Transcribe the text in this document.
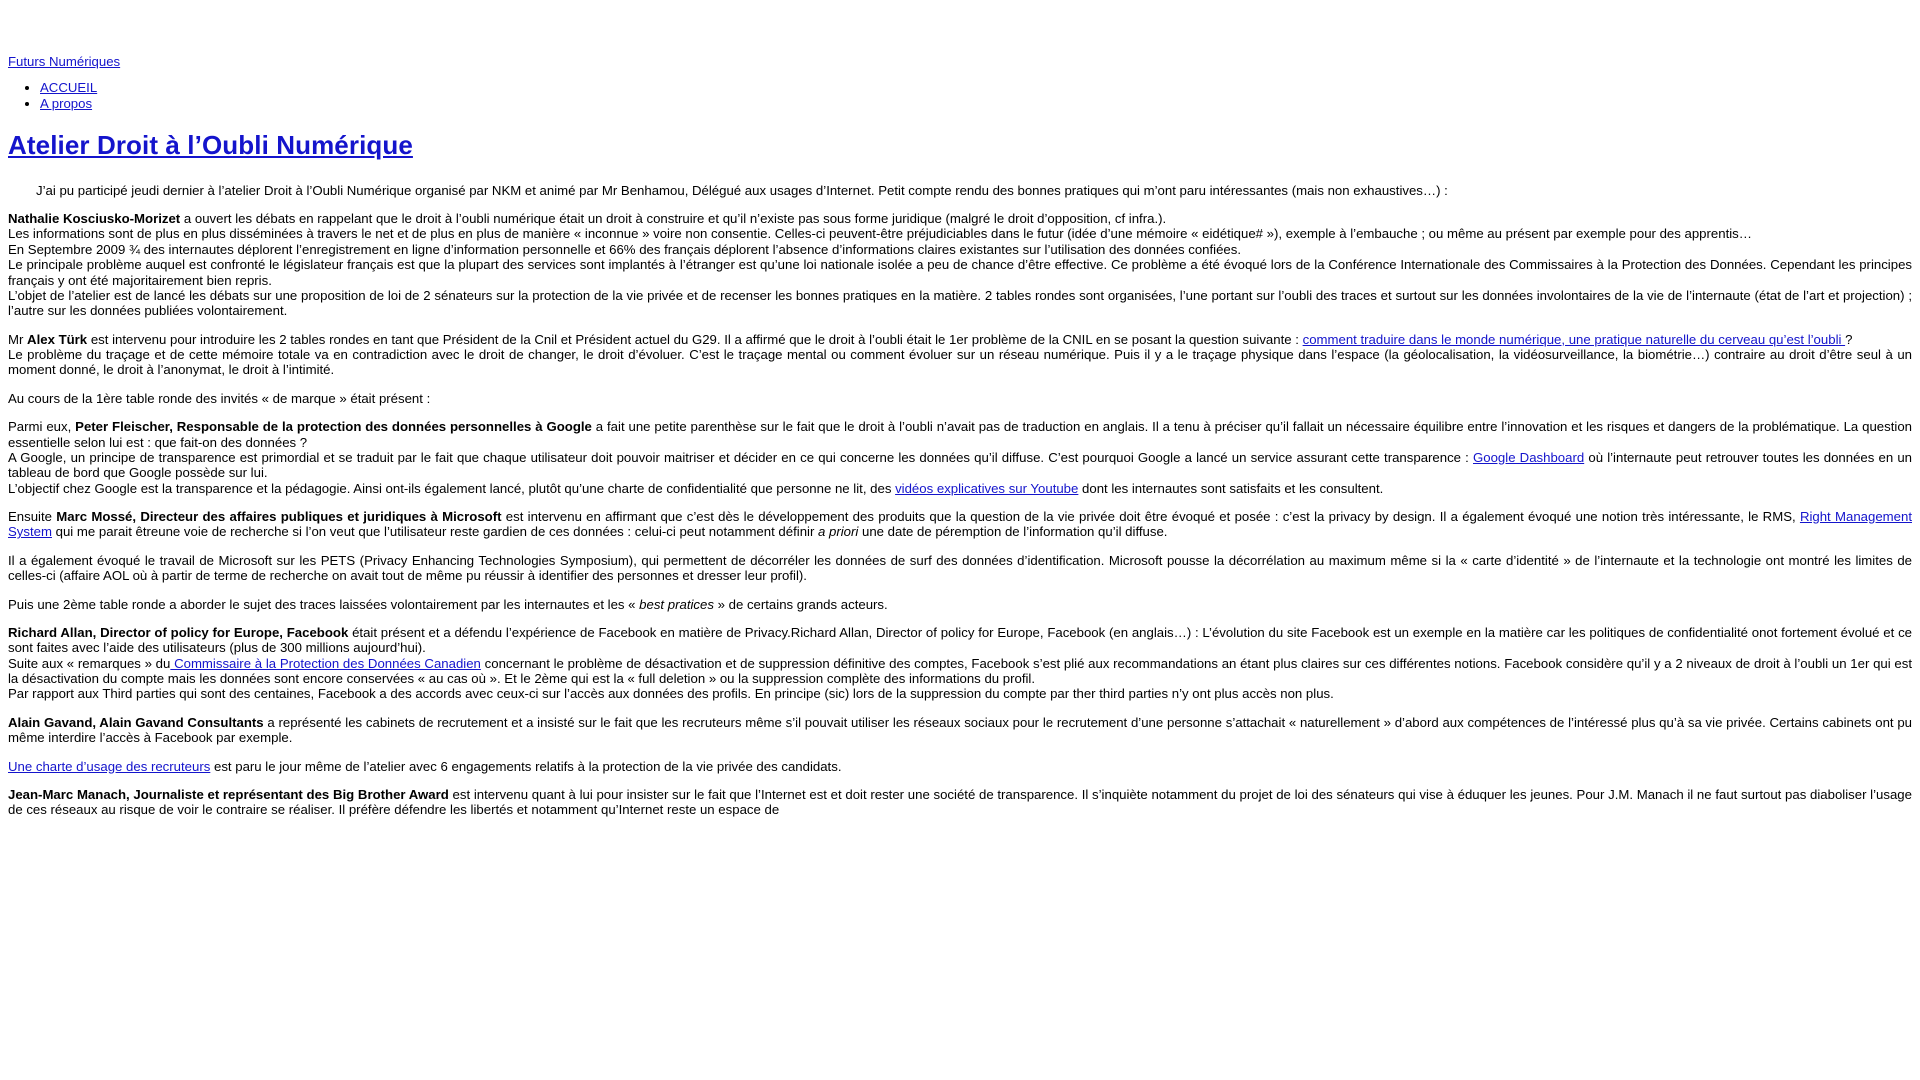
Futurs Numériques
• ACCUEIL
• A propos
Atelier Droit à l’Oubli Numérique

J’ai pu participé jeudi dernier à l’atelier Droit à l’Oubli Numérique organisé par NKM et animé par Mr Benhamou, Délégué aux usages d’Internet. Petit compte rendu des bonnes pratiques qui m’ont paru intéressantes (mais non exhaustives…) :

Nathalie Kosciusko-Morizet a ouvert les débats en rappelant que le droit à l’oubli numérique était un droit à construire et qu’il n’existe pas sous forme juridique (malgré le droit d’opposition, cf infra.).

Les informations sont de plus en plus disséminées à travers le net et de plus en plus de manière « inconnue » voire non consentie. Celles-ci peuvent-être préjudiciables dans le futur (idée d’une mémoire « eidétique# »), exemple à l’embauche ; ou même au présent par exemple pour des apprentis…

En Septembre 2009 ¾ des internautes déplorent l’enregistrement en ligne d’information personnelle et 66% des français déplorent l’absence d’informations claires existantes sur l’utilisation des données confiées.

Le principale problème auquel est confronté le législateur français est que la plupart des services sont implantés à l’étranger est qu’une loi nationale isolée a peu de chance d’être effective. Ce problème a été évoqué lors de la Conférence Internationale des Commissaires à la Protection des Données. Cependant les principes français y ont été majoritairement bien repris.

L’objet de l’atelier est de lancé les débats sur une proposition de loi de 2 sénateurs sur la protection de la vie privée et de recenser les bonnes pratiques en la matière. 2 tables rondes sont organisées, l’une portant sur l’oubli des traces et surtout sur les données involontaires de la vie de l’internaute (état de l’art et projection) ; l’autre sur les données publiées volontairement.

Mr Alex Türk est intervenu pour introduire les 2 tables rondes en tant que Président de la Cnil et Président actuel du G29. Il a affirmé que le droit à l’oubli était le 1er problème de la CNIL en se posant la question suivante : comment traduire dans le monde numérique, une pratique naturelle du cerveau qu’est l’oubli ?

Le problème du traçage et de cette mémoire totale va en contradiction avec le droit de changer, le droit d’évoluer. C’est le traçage mental ou comment évoluer sur un réseau numérique. Puis il y a le traçage physique dans l’espace (la géolocalisation, la vidéosurveillance, la biométrie…) contraire au droit d’être seul à un moment donné, le droit à l’anonymat, le droit à l’intimité.

Au cours de la 1ère table ronde des invités « de marque » était présent :

Parmi eux, Peter Fleischer, Responsable de la protection des données personnelles à Google a fait une petite parenthèse sur le fait que le droit à l’oubli n’avait pas de traduction en anglais. Il a tenu à préciser qu’il fallait un nécessaire équilibre entre l’innovation et les risques et dangers de la problématique. La question essentielle selon lui est : que fait-on des données ?

A Google, un principe de transparence est primordial et se traduit par le fait que chaque utilisateur doit pouvoir maitriser et décider en ce qui concerne les données qu’il diffuse. C’est pourquoi Google a lancé un service assurant cette transparence : Google Dashboard où l’internaute peut retrouver toutes les données en un tableau de bord que Google possède sur lui.

L’objectif chez Google est la transparence et la pédagogie. Ainsi ont-ils également lancé, plutôt qu’une charte de confidentialité que personne ne lit, des vidéos explicatives sur Youtube dont les internautes sont satisfaits et les consultent.

Ensuite Marc Mossé, Directeur des affaires publiques et juridiques à Microsoft est intervenu en affirmant que c’est dès le développement des produits que la question de la vie privée doit être évoqué et posée : c’est la privacy by design. Il a également évoqué une notion très intéressante, le RMS, Right Management System qui me parait êtreune voie de recherche si l’on veut que l’utilisateur reste gardien de ces données : celui-ci peut notamment définir a priori une date de péremption de l’information qu’il diffuse.

Il a également évoqué le travail de Microsoft sur les PETS (Privacy Enhancing Technologies Symposium), qui permettent de décorréler les données de surf des données d’identification. Microsoft pousse la décorrélation au maximum même si la « carte d’identité » de l’internaute et la technologie ont montré les limites de celles-ci (affaire AOL où à partir de terme de recherche on avait tout de même pu réussir à identifier des personnes et dresser leur profil).

Puis une 2ème table ronde a aborder le sujet des traces laissées volontairement par les internautes et les « best pratices » de certains grands acteurs.

Richard Allan, Director of policy for Europe, Facebook était présent et a défendu l’expérience de Facebook en matière de Privacy.Richard Allan, Director of policy for Europe, Facebook (en anglais…) : L’évolution du site Facebook est un exemple en la matière car les politiques de confidentialité onot fortement évolué et ce sont faites avec l’aide des utilisateurs (plus de 300 millions aujourd’hui).

Suite aux « remarques » du Commissaire à la Protection des Données Canadien concernant le problème de désactivation et de suppression définitive des comptes, Facebook s’est plié aux recommandations an étant plus claires sur ces différentes notions. Facebook considère qu’il y a 2 niveaux de droit à l’oubli un 1er qui est la désactivation du compte mais les données sont encore conservées « au cas où ». Et le 2ème qui est la « full deletion » ou la suppression complète des informations du profil.

Par rapport aux Third parties qui sont des centaines, Facebook a des accords avec ceux-ci sur l’accès aux données des profils. En principe (sic) lors de la suppression du compte par ther third parties n’y ont plus accès non plus.

Alain Gavand, Alain Gavand Consultants a représenté les cabinets de recrutement et a insisté sur le fait que les recruteurs même s’il pouvait utiliser les réseaux sociaux pour le recrutement d’une personne s’attachait « naturellement » d’abord aux compétences de l’intéressé plus qu’à sa vie privée. Certains cabinets ont pu même interdire l’accès à Facebook par exemple.

Une charte d’usage des recruteurs est paru le jour même de l’atelier avec 6 engagements relatifs à la protection de la vie privée des candidats.

Jean-Marc Manach, Journaliste et représentant des Big Brother Award est intervenu quant à lui pour insister sur le fait que l’Internet est et doit rester une société de transparence. Il s’inquiète notamment du projet de loi des sénateurs qui vise à éduquer les jeunes. Pour J.M. Manach il ne faut surtout pas diaboliser l’usage de ces réseaux au risque de voir le contraire se réaliser. Il préfère défendre les libertés et notamment qu’Internet reste un espace de
